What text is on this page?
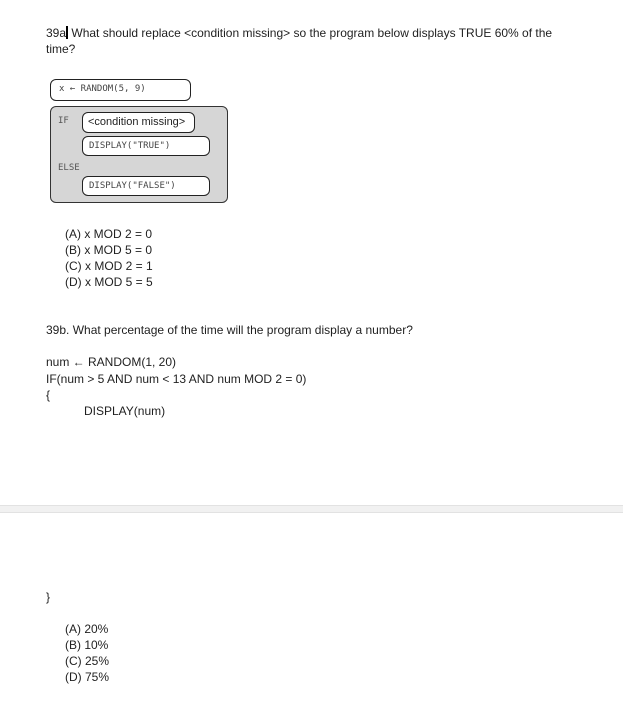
39a What should replace <condition missing> so the program below displays TRUE 60% of the time?
x ← RANDOM(5, 9)
IF	<condition missing>
DISPLAY("TRUE")
ELSE
DISPLAY("FALSE")
(A) x MOD 2 = 0
(B) x MOD 5 = 0
(C) x MOD 2 = 1
(D) x MOD 5 = 5
39b. What percentage of the time will the program display a number?
num ← RANDOM(1, 20)
IF(num > 5 AND num < 13 AND num MOD 2 = 0)
{
DISPLAY(num)
}
(A) 20%
(B) 10%
(C) 25%
(D) 75%
